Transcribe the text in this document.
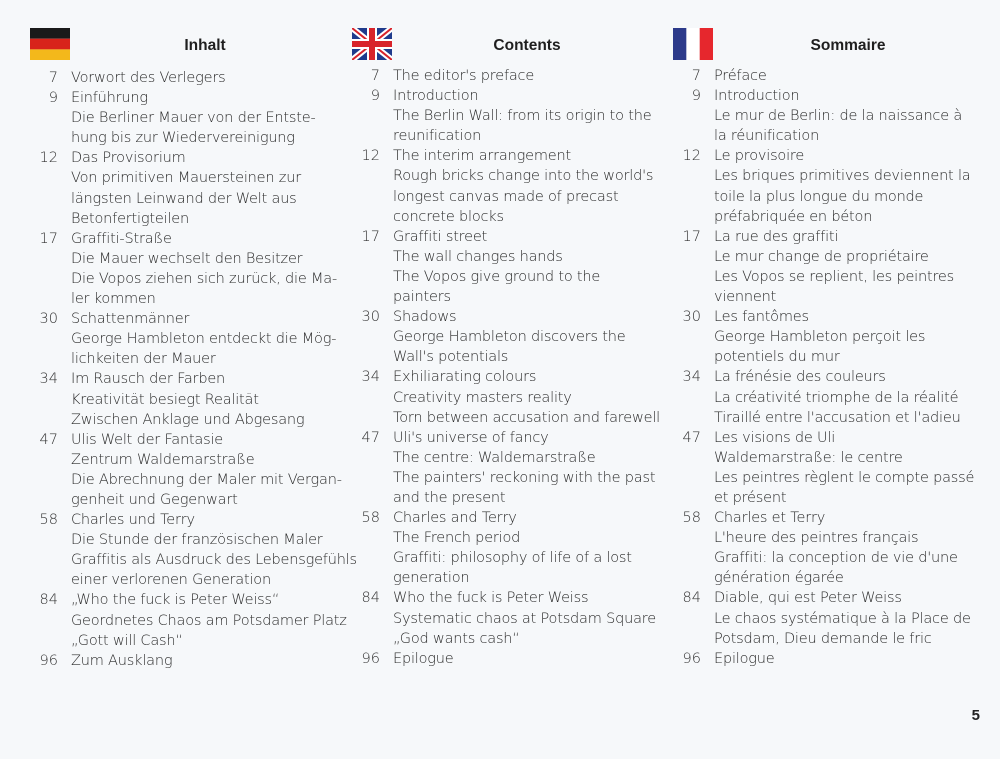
Inhalt
7 Vorwort des Verlegers
9 Einführung
Die Berliner Mauer von der Entste-
hung bis zur Wiedervereinigung
12 Das Provisorium
Von primitiven Mauersteinen zur
längsten Leinwand der Welt aus
Betonfertigteilen
17 Graffiti-Straße
Die Mauer wechselt den Besitzer
Die Vopos ziehen sich zurück, die Ma-
ler kommen
30 Schattenmänner
George Hambleton entdeckt die Mög-
lichkeiten der Mauer
34 Im Rausch der Farben
Kreativität besiegt Realität
Zwischen Anklage und Abgesang
47 Ulis Welt der Fantasie
Zentrum Waldemarstraße
Die Abrechnung der Maler mit Vergan-
genheit und Gegenwart
58 Charles und Terry
Die Stunde der französischen Maler
Graffitis als Ausdruck des Lebensgefühls
einer verlorenen Generation
84 „Who the fuck is Peter Weiss“
Geordnetes Chaos am Potsdamer Platz
„Gott will Cash“
96 Zum Ausklang
Contents
7 The editor's preface
9 Introduction
The Berlin Wall: from its origin to the
reunification
12 The interim arrangement
Rough bricks change into the world's
longest canvas made of precast
concrete blocks
17 Graffiti street
The wall changes hands
The Vopos give ground to the
painters
30 Shadows
George Hambleton discovers the
Wall's potentials
34 Exhiliarating colours
Creativity masters reality
Torn between accusation and farewell
47 Uli's universe of fancy
The centre: Waldemarstraße
The painters' reckoning with the past
and the present
58 Charles and Terry
The French period
Graffiti: philosophy of life of a lost
generation
84 Who the fuck is Peter Weiss
Systematic chaos at Potsdam Square
„God wants cash“
96 Epilogue
Sommaire
7 Préface
9 Introduction
Le mur de Berlin: de la naissance à
la réunification
12 Le provisoire
Les briques primitives deviennent la
toile la plus longue du monde
préfabriquée en béton
17 La rue des graffiti
Le mur change de propriétaire
Les Vopos se replient, les peintres
viennent
30 Les fantômes
George Hambleton perçoit les
potentiels du mur
34 La frénésie des couleurs
La créativité triomphe de la réalité
Tiraillé entre l'accusation et l'adieu
47 Les visions de Uli
Waldemarstraße: le centre
Les peintres règlent le compte passé
et présent
58 Charles et Terry
L'heure des peintres français
Graffiti: la conception de vie d'une
génération égarée
84 Diable, qui est Peter Weiss
Le chaos systématique à la Place de
Potsdam, Dieu demande le fric
96 Epilogue
5
